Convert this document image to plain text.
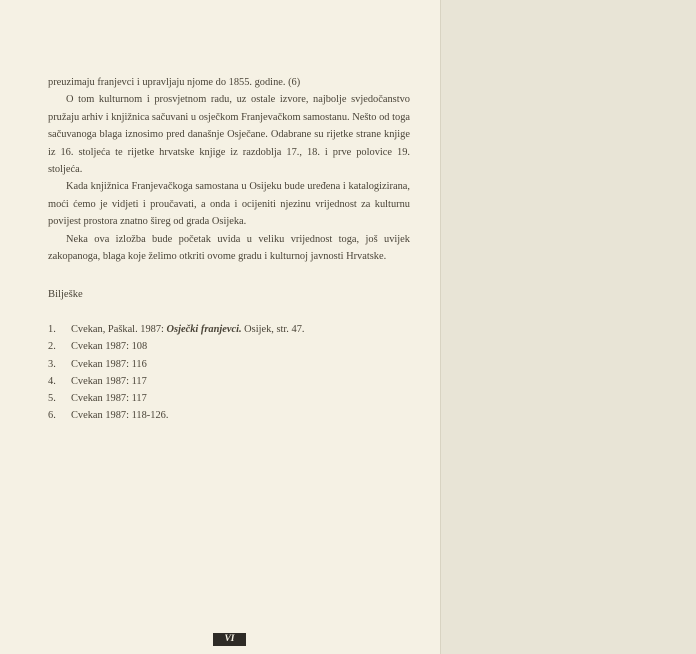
preuzimaju franjevci i upravljaju njome do 1855. godine. (6)

O tom kulturnom i prosvjetnom radu, uz ostale izvore, najbolje svjedočanstvo pružaju arhiv i knjižnica sačuvani u osječkom Franjevačkom samostanu. Nešto od toga sačuvanoga blaga iznosimo pred današnje Osječane. Odabrane su rijetke strane knjige iz 16. stoljeća te rijetke hrvatske knjige iz razdoblja 17., 18. i prve polovice 19. stoljeća.

Kada knjižnica Franjevačkoga samostana u Osijeku bude uređena i katalogizirana, moći ćemo je vidjeti i proučavati, a onda i ocijeniti njezinu vrijednost za kulturnu povijest prostora znatno šireg od grada Osijeka.

Neka ova izložba bude početak uvida u veliku vrijednost toga, još uvijek zakopanoga, blaga koje želimo otkriti ovome gradu i kulturnoj javnosti Hrvatske.

Bilješke
1. Cvekan, Paškal. 1987: Osječki franjevci. Osijek, str. 47.
2. Cvekan 1987: 108
3. Cvekan 1987: 116
4. Cvekan 1987: 117
5. Cvekan 1987: 117
6. Cvekan 1987: 118-126.
VI
